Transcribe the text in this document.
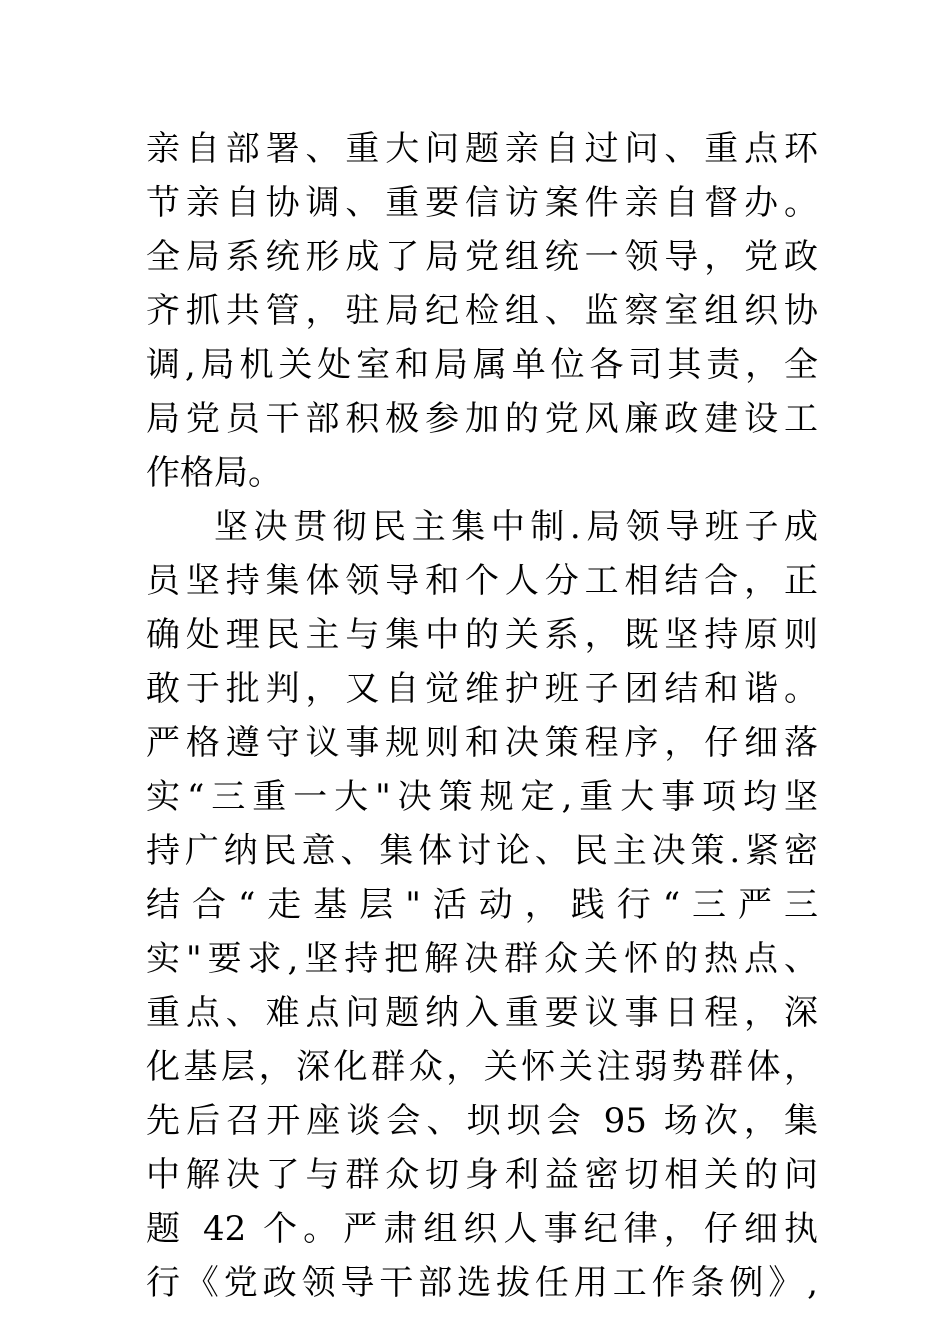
亲自部署、重大问题亲自过问、重点环
节亲自协调、重要信访案件亲自督办。
全局系统形成了局党组统一领导，党政
齐抓共管，驻局纪检组、监察室组织协
调,局机关处室和局属单位各司其责，全
局党员干部积极参加的党风廉政建设工
作格局。
坚决贯彻民主集中制.局领导班子成
员坚持集体领导和个人分工相结合，正
确处理民主与集中的关系，既坚持原则
敢于批判，又自觉维护班子团结和谐。
严格遵守议事规则和决策程序，仔细落
实“三重一大"决策规定,重大事项均坚
持广纳民意、集体讨论、民主决策.紧密
结合“走基层"活动，践行“三严三
实"要求,坚持把解决群众关怀的热点、
重点、难点问题纳入重要议事日程，深
化基层，深化群众，关怀关注弱势群体，
先后召开座谈会、坝坝会 95 场次，集
中解决了与群众切身利益密切相关的问
题 42 个。严肃组织人事纪律，仔细执
行《党政领导干部选拔任用工作条例》,
